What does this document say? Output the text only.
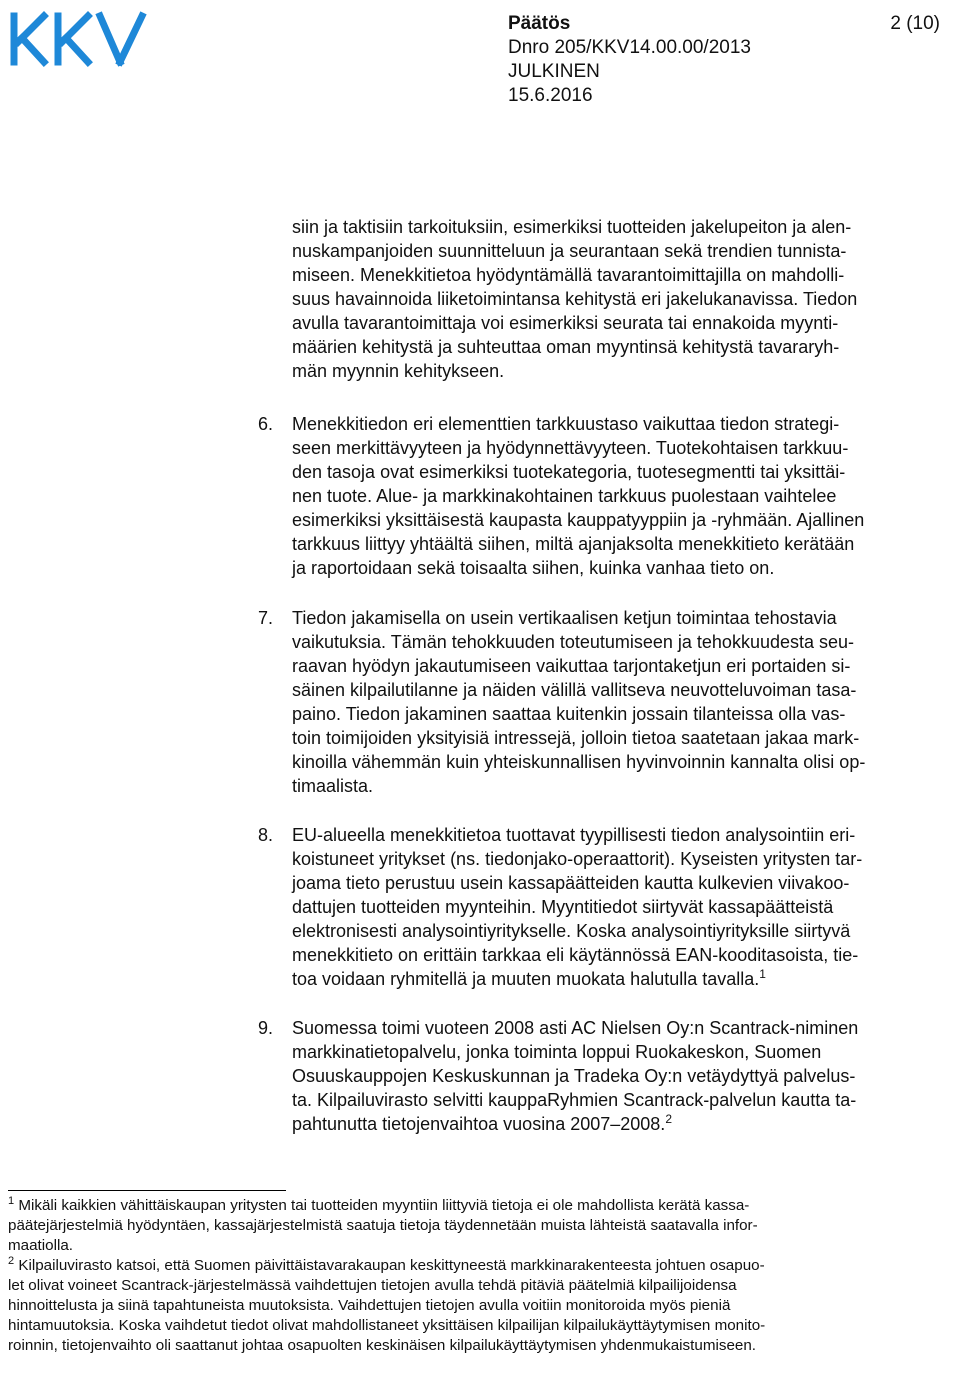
Päätös	2 (10)
Dnro 205/KKV14.00.00/2013
JULKINEN
15.6.2016
siin ja taktisiin tarkoituksiin, esimerkiksi tuotteiden jakelupeiton ja alen-
nuskampanjoiden suunnitteluun ja seurantaan sekä trendien tunnista-
miseen. Menekkitietoa hyödyntämällä tavarantoimittajilla on mahdolli-
suus havainnoida liiketoimintansa kehitystä eri jakelukanavissa. Tiedon
avulla tavarantoimittaja voi esimerkiksi seurata tai ennakoida myynti-
määrien kehitystä ja suhteuttaa oman myyntinsä kehitystä tavararyh-
män myynnin kehitykseen.
6. Menekkitiedon eri elementtien tarkkuustaso vaikuttaa tiedon strategi-
seen merkittävyyteen ja hyödynnettävyyteen. Tuotekohtaisen tarkkuu-
den tasoja ovat esimerkiksi tuotekategoria, tuotesegmentti tai yksittäi-
nen tuote. Alue- ja markkinakohtainen tarkkuus puolestaan vaihtelee
esimerkiksi yksittäisestä kaupasta kauppatyyppiin ja -ryhmään. Ajallinen
tarkkuus liittyy yhtäältä siihen, miltä ajanjaksolta menekkitieto kerätään
ja raportoidaan sekä toisaalta siihen, kuinka vanhaa tieto on.
7. Tiedon jakamisella on usein vertikaalisen ketjun toimintaa tehostavia
vaikutuksia. Tämän tehokkuuden toteutumiseen ja tehokkuudesta seu-
raavan hyödyn jakautumiseen vaikuttaa tarjontaketjun eri portaiden si-
säinen kilpailutilanne ja näiden välillä vallitseva neuvotteluvoiman tasa-
paino. Tiedon jakaminen saattaa kuitenkin jossain tilanteissa olla vas-
toin toimijoiden yksityisiä intressejä, jolloin tietoa saatetaan jakaa mark-
kinoilla vähemmän kuin yhteiskunnallisen hyvinvoinnin kannalta olisi op-
timaalista.
8. EU-alueella menekkitietoa tuottavat tyypillisesti tiedon analysointiin eri-
koistuneet yritykset (ns. tiedonjako-operaattorit). Kyseisten yritysten tar-
joama tieto perustuu usein kassapäätteiden kautta kulkevien viivakoo-
dattujen tuotteiden myynteihin. Myyntitiedot siirtyvät kassapäätteistä
elektronisesti analysointiyritykselle. Koska analysointiyrityksille siirtyvä
menekkitieto on erittäin tarkkaa eli käytännössä EAN-kooditasoista, tie-
toa voidaan ryhmitellä ja muuten muokata halutulla tavalla.$^1$
9. Suomessa toimi vuoteen 2008 asti AC Nielsen Oy:n Scantrack-niminen
markkinatietopalvelu, jonka toiminta loppui Ruokakeskon, Suomen
Osuuskauppojen Keskuskunnan ja Tradeka Oy:n vetäydyttyä palvelus-
ta. Kilpailuvirasto selvitti kauppaRyhmien Scantrack-palvelun kautta ta-
pahtunutta tietojenvaihtoa vuosina 2007–2008.$^2$
$^1$ Mikäli kaikkien vähittäiskaupan yritysten tai tuotteiden myyntiin liittyviä tietoja ei ole mahdollista kerätä kassa-
päätejärjestelmiä hyödyntäen, kassajärjestelmistä saatuja tietoja täydennetään muista lähteistä saatavalla infor-
maatiolla.
$^2$ Kilpailuvirasto katsoi, että Suomen päivittäistavarakaupan keskittyneestä markkinarakenteesta johtuen osapuo-
let olivat voineet Scantrack-järjestelmässä vaihdettujen tietojen avulla tehdä pitäviä päätelmiä kilpailijoidensa
hinnoittelusta ja siinä tapahtuneista muutoksista. Vaihdettujen tietojen avulla voitiin monitoroida myös pieniä
hintamuutoksia. Koska vaihdetut tiedot olivat mahdollistaneet yksittäisen kilpailijan kilpailukäyttäytymisen monito-
roinnin, tietojenvaihto oli saattanut johtaa osapuolten keskinäisen kilpailukäyttäytymisen yhdenmukaistumiseen.
